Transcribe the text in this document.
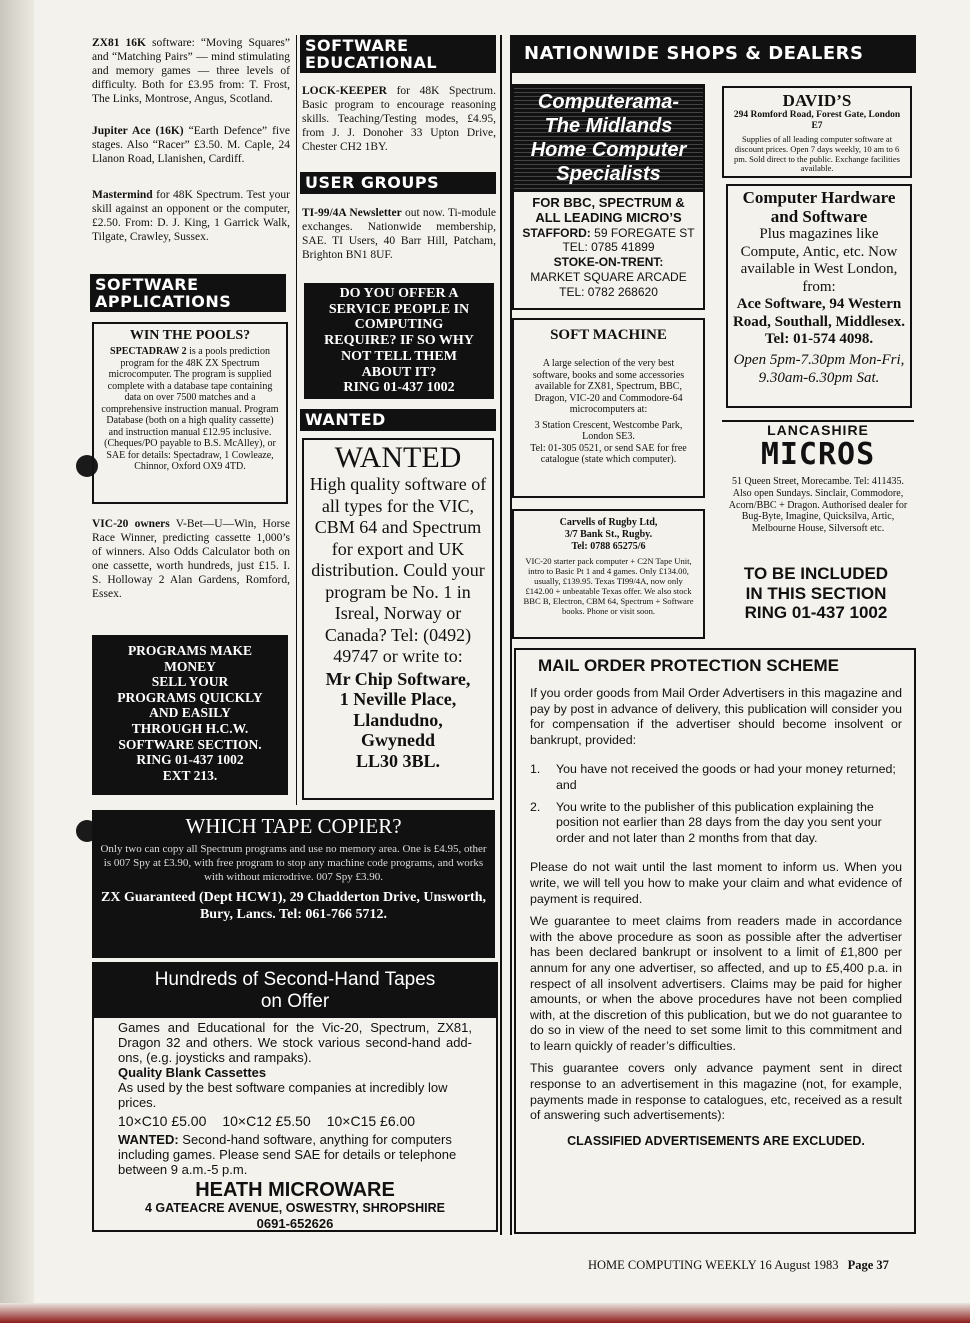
ZX81 16K software: “Moving Squares” and “Matching Pairs” — mind stimulating and memory games — three levels of difficulty. Both for £3.95 from: T. Frost, The Links, Montrose, Angus, Scotland.
Jupiter Ace (16K) “Earth Defence” five stages. Also “Racer” £3.50. M. Caple, 24 Llanon Road, Llanishen, Cardiff.
Mastermind for 48K Spectrum. Test your skill against an opponent or the computer, £2.50. From: D. J. King, 1 Garrick Walk, Tilgate, Crawley, Sussex.
SOFTWARE
APPLICATIONS
WIN THE POOLS?
SPECTADRAW 2 is a pools prediction program for the 48K ZX Spectrum microcomputer. The program is supplied complete with a database tape containing data on over 7500 matches and a comprehensive instruction manual. Program Database (both on a high quality cassette) and instruction manual £12.95 inclusive. (Cheques/PO payable to B.S. McAlley), or SAE for details: Spectadraw, 1 Cowleaze, Chinnor, Oxford OX9 4TD.
VIC-20 owners V-Bet—U—Win, Horse Race Winner, predicting cassette 1,000’s of winners. Also Odds Calculator both on one cassette, worth hundreds, just £15. I. S. Holloway 2 Alan Gardens, Romford, Essex.
PROGRAMS MAKE
MONEY
SELL YOUR
PROGRAMS QUICKLY
AND EASILY
THROUGH H.C.W.
SOFTWARE SECTION.
RING 01-437 1002
EXT 213.
SOFTWARE
EDUCATIONAL
LOCK-KEEPER for 48K Spectrum. Basic program to encourage reasoning skills. Teaching/Testing modes, £4.95, from J. J. Donoher 33 Upton Drive, Chester CH2 1BY.
USER GROUPS
TI-99/4A Newsletter out now. Ti-module exchanges. Nationwide membership, SAE. TI Users, 40 Barr Hill, Patcham, Brighton BN1 8UF.
DO YOU OFFER A
SERVICE PEOPLE IN
COMPUTING
REQUIRE? IF SO WHY
NOT TELL THEM
ABOUT IT?
RING 01-437 1002
WANTED
WANTED
High quality software of all types for the VIC, CBM 64 and Spectrum for export and UK distribution. Could your program be No. 1 in Isreal, Norway or Canada? Tel: (0492) 49747 or write to:
Mr Chip Software,
1 Neville Place,
Llandudno,
Gwynedd
LL30 3BL.
WHICH TAPE COPIER?
Only two can copy all Spectrum programs and use no memory area. One is £4.95, other is 007 Spy at £3.90, with free program to stop any machine code programs, and works with without microdrive. 007 Spy £3.90.
ZX Guaranteed (Dept HCW1), 29 Chadderton Drive, Unsworth, Bury, Lancs. Tel: 061-766 5712.
Hundreds of Second-Hand Tapes
on Offer
Games and Educational for the Vic-20, Spectrum, ZX81, Dragon 32 and others. We stock various second-hand add-ons, (e.g. joysticks and rampaks).
Quality Blank Cassettes
As used by the best software companies at incredibly low prices.
10×C10 £5.00 10×C12 £5.50 10×C15 £6.00
WANTED: Second-hand software, anything for computers including games. Please send SAE for details or telephone between 9 a.m.-5 p.m.
HEATH MICROWARE
4 GATEACRE AVENUE, OSWESTRY, SHROPSHIRE
0691-652626
NATIONWIDE SHOPS & DEALERS
Computerama-
The Midlands
Home Computer
Specialists
FOR BBC, SPECTRUM &
ALL LEADING MICRO’S
STAFFORD: 59 FOREGATE ST
TEL: 0785 41899
STOKE-ON-TRENT:
MARKET SQUARE ARCADE
TEL: 0782 268620
SOFT MACHINE
A large selection of the very best software, books and some accessories available for ZX81, Spectrum, BBC, Dragon, VIC-20 and Commodore-64 microcomputers at:
3 Station Crescent, Westcombe Park, London SE3.
Tel: 01-305 0521, or send SAE for free catalogue (state which computer).
Carvells of Rugby Ltd,
3/7 Bank St., Rugby.
Tel: 0788 65275/6
VIC-20 starter pack computer + C2N Tape Unit, intro to Basic Pt 1 and 4 games. Only £134.00, usually, £139.95. Texas TI99/4A, now only £142.00 + unbeatable Texas offer. We also stock BBC B, Electron, CBM 64, Spectrum + Software books. Phone or visit soon.
DAVID’S
294 Romford Road, Forest Gate, London E7
Supplies of all leading computer software at discount prices. Open 7 days weekly, 10 am to 6 pm. Sold direct to the public. Exchange facilities available.
Computer Hardware and Software
Plus magazines like Compute, Antic, etc. Now available in West London, from:
Ace Software, 94 Western Road, Southall, Middlesex.
Tel: 01-574 4098.
Open 5pm-7.30pm Mon-Fri, 9.30am-6.30pm Sat.
LANCASHIRE
MICROS
51 Queen Street, Morecambe. Tel: 411435. Also open Sundays. Sinclair, Commodore, Acorn/BBC + Dragon. Authorised dealer for Bug-Byte, Imagine, Quicksilva, Artic, Melbourne House, Silversoft etc.
TO BE INCLUDED
IN THIS SECTION
RING 01-437 1002
MAIL ORDER PROTECTION SCHEME

If you order goods from Mail Order Advertisers in this magazine and pay by post in advance of delivery, this publication will consider you for compensation if the advertiser should become insolvent or bankrupt, provided:

1.	You have not received the goods or had your money returned; and
2.	You write to the publisher of this publication explaining the position not earlier than 28 days from the day you sent your order and not later than 2 months from that day.

Please do not wait until the last moment to inform us. When you write, we will tell you how to make your claim and what evidence of payment is required.

We guarantee to meet claims from readers made in accordance with the above procedure as soon as possible after the advertiser has been declared bankrupt or insolvent to a limit of £1,800 per annum for any one advertiser, so affected, and up to £5,400 p.a. in respect of all insolvent advertisers. Claims may be paid for higher amounts, or when the above procedures have not been complied with, at the discretion of this publication, but we do not guarantee to do so in view of the need to set some limit to this commitment and to learn quickly of reader’s difficulties.

This guarantee covers only advance payment sent in direct response to an advertisement in this magazine (not, for example, payments made in response to catalogues, etc, received as a result of answering such advertisements):

CLASSIFIED ADVERTISEMENTS ARE EXCLUDED.
HOME COMPUTING WEEKLY 16 August 1983 Page 37
